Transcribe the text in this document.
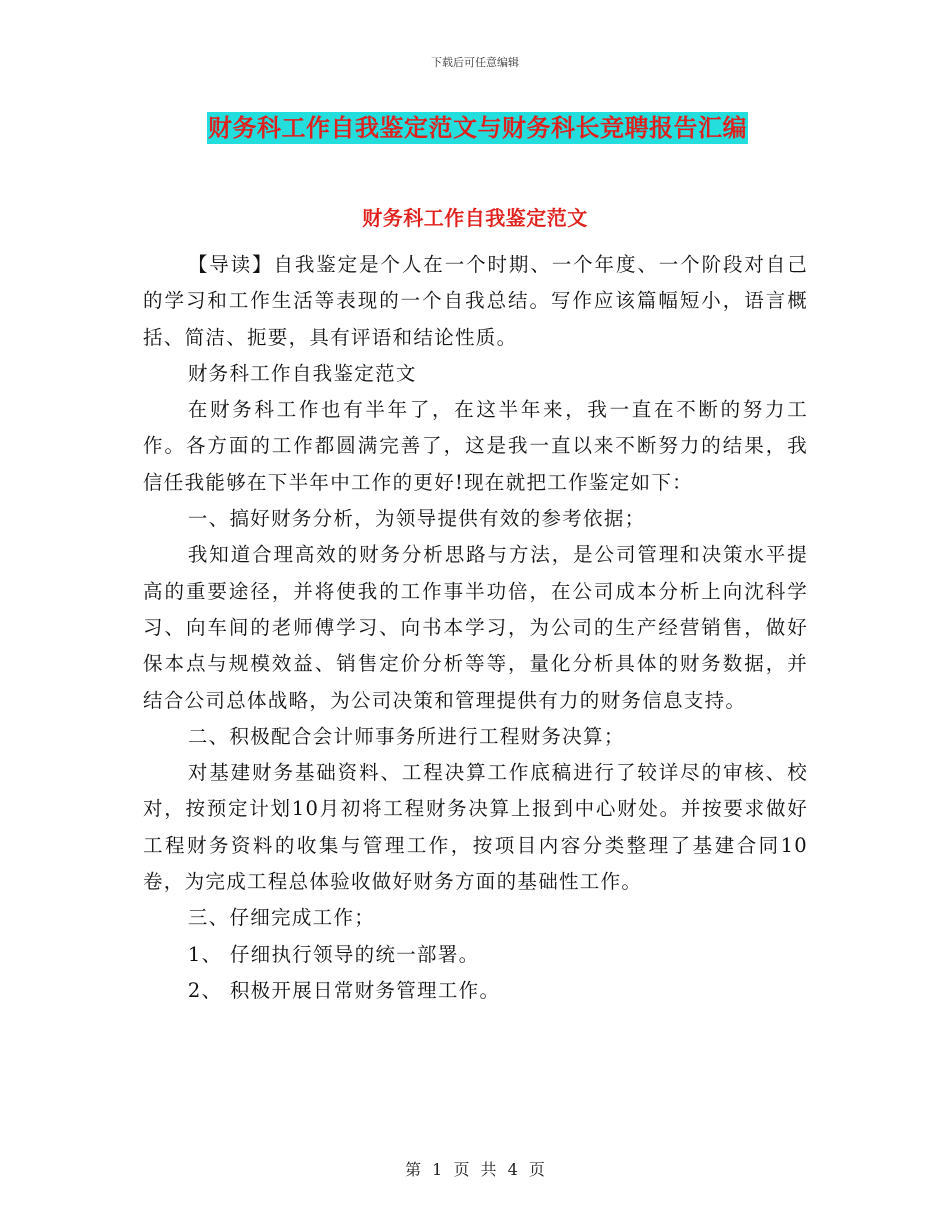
下载后可任意编辑
财务科工作自我鉴定范文与财务科长竞聘报告汇编
财务科工作自我鉴定范文

【导读】自我鉴定是个人在一个时期、一个年度、一个阶段对自己的学习和工作生活等表现的一个自我总结。写作应该篇幅短小，语言概括、简洁、扼要，具有评语和结论性质。

财务科工作自我鉴定范文

在财务科工作也有半年了，在这半年来，我一直在不断的努力工作。各方面的工作都圆满完善了，这是我一直以来不断努力的结果，我信任我能够在下半年中工作的更好!现在就把工作鉴定如下：

一、搞好财务分析，为领导提供有效的参考依据；

我知道合理高效的财务分析思路与方法，是公司管理和决策水平提高的重要途径，并将使我的工作事半功倍，在公司成本分析上向沈科学习、向车间的老师傅学习、向书本学习，为公司的生产经营销售，做好保本点与规模效益、销售定价分析等等，量化分析具体的财务数据，并结合公司总体战略，为公司决策和管理提供有力的财务信息支持。

二、积极配合会计师事务所进行工程财务决算；

对基建财务基础资料、工程决算工作底稿进行了较详尽的审核、校对，按预定计划10月初将工程财务决算上报到中心财处。并按要求做好工程财务资料的收集与管理工作，按项目内容分类整理了基建合同10卷，为完成工程总体验收做好财务方面的基础性工作。

三、仔细完成工作；

1、 仔细执行领导的统一部署。

2、 积极开展日常财务管理工作。

第 1 页 共 4 页
